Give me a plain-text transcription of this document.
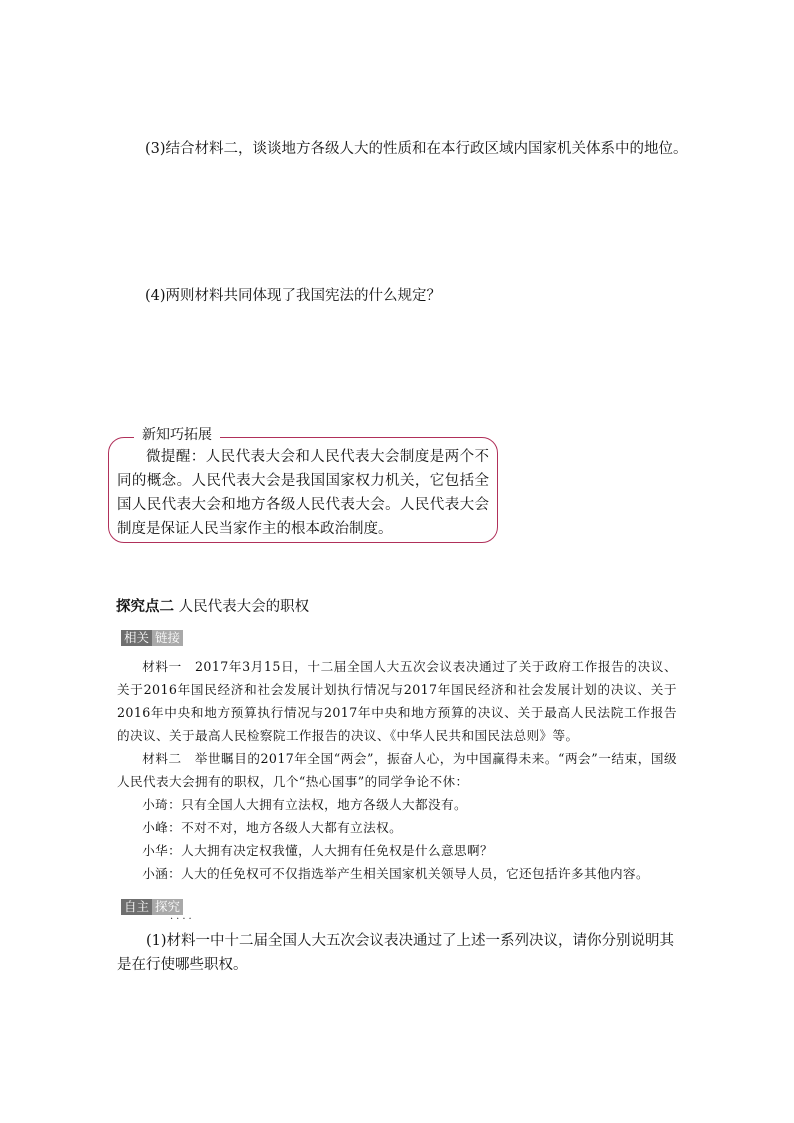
(3)结合材料二，谈谈地方各级人大的性质和在本行政区域内国家机关体系中的地位。
(4)两则材料共同体现了我国宪法的什么规定？
新知巧拓展
微提醒：人民代表大会和人民代表大会制度是两个不同的概念。人民代表大会是我国国家权力机关，它包括全国人民代表大会和地方各级人民代表大会。人民代表大会制度是保证人民当家作主的根本政治制度。
探究点二 人民代表大会的职权
相关 链接

材料一　2017年3月15日，十二届全国人大五次会议表决通过了关于政府工作报告的决议、关于2016年国民经济和社会发展计划执行情况与2017年国民经济和社会发展计划的决议、关于2016年中央和地方预算执行情况与2017年中央和地方预算的决议、关于最高人民法院工作报告的决议、关于最高人民检察院工作报告的决议、《中华人民共和国民法总则》等。

材料二　举世瞩目的2017年全国“两会”，振奋人心，为中国赢得未来。“两会”一结束，国级人民代表大会拥有的职权，几个“热心国事”的同学争论不休：

小琦：只有全国人大拥有立法权，地方各级人大都没有。

小峰：不对不对，地方各级人大都有立法权。

小华：人大拥有决定权我懂，人大拥有任免权是什么意思啊？

小涵：人大的任免权可不仅指选举产生相关国家机关领导人员，它还包括许多其他内容。

自主 探究
····
(1)材料一中十二届全国人大五次会议表决通过了上述一系列决议，请你分别说明其是在行使哪些职权。
